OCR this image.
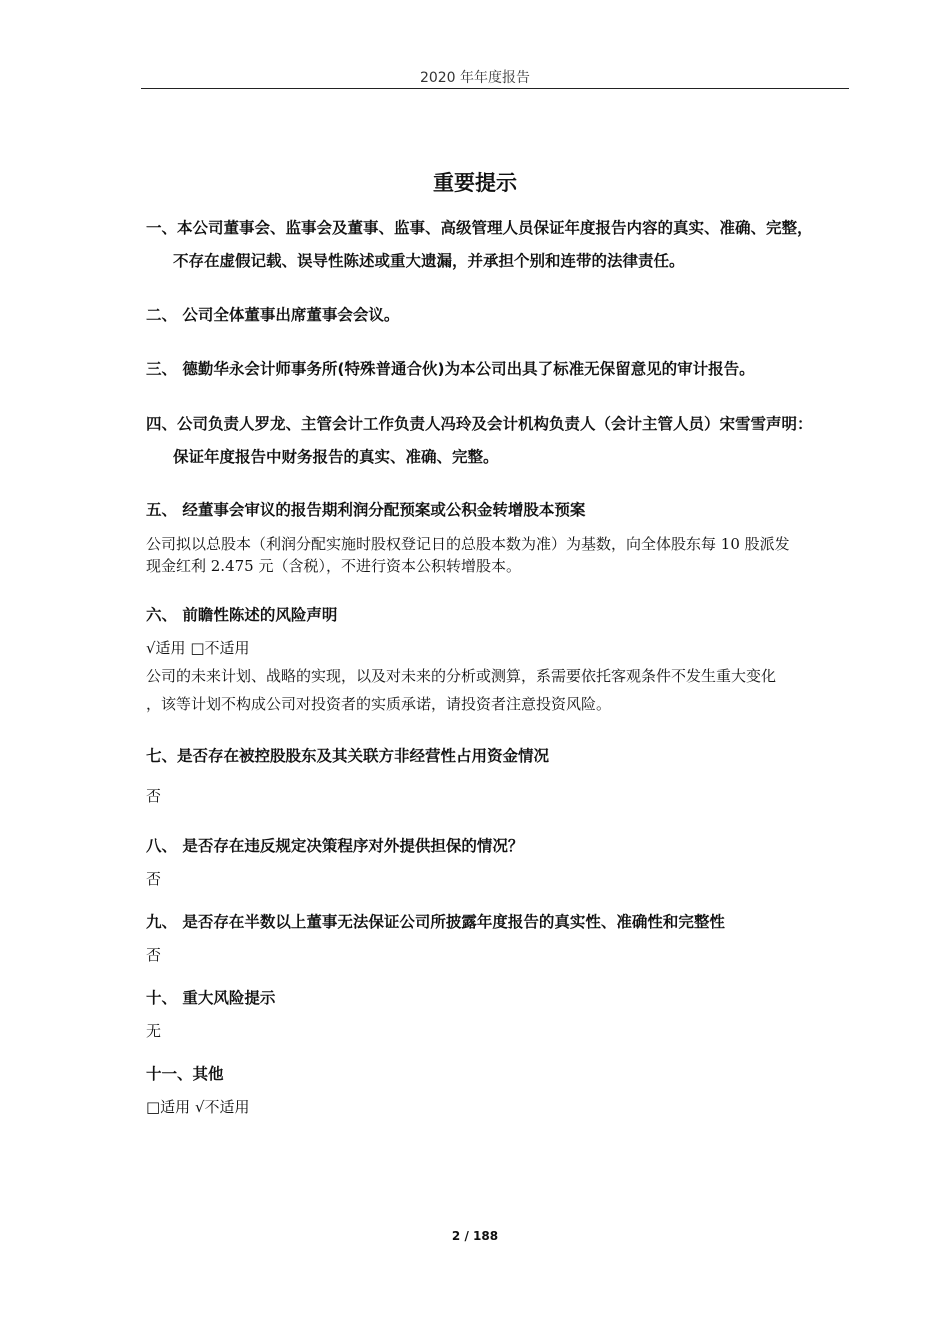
2020 年年度报告
重要提示
一、本公司董事会、监事会及董事、监事、高级管理人员保证年度报告内容的真实、准确、完整，
不存在虚假记载、误导性陈述或重大遗漏，并承担个别和连带的法律责任。
二、 公司全体董事出席董事会会议。
三、 德勤华永会计师事务所(特殊普通合伙)为本公司出具了标准无保留意见的审计报告。
四、公司负责人罗龙、主管会计工作负责人冯玲及会计机构负责人（会计主管人员）宋雪雪声明：
保证年度报告中财务报告的真实、准确、完整。
五、 经董事会审议的报告期利润分配预案或公积金转增股本预案
公司拟以总股本（利润分配实施时股权登记日的总股本数为准）为基数，向全体股东每 10 股派发
现金红利 2.475 元（含税），不进行资本公积转增股本。
六、 前瞻性陈述的风险声明
√适用 □不适用
公司的未来计划、战略的实现，以及对未来的分析或测算，系需要依托客观条件不发生重大变化
，该等计划不构成公司对投资者的实质承诺，请投资者注意投资风险。
七、是否存在被控股股东及其关联方非经营性占用资金情况
否
八、 是否存在违反规定决策程序对外提供担保的情况？
否
九、 是否存在半数以上董事无法保证公司所披露年度报告的真实性、准确性和完整性
否
十、 重大风险提示
无
十一、其他
□适用 √不适用
2 / 188
